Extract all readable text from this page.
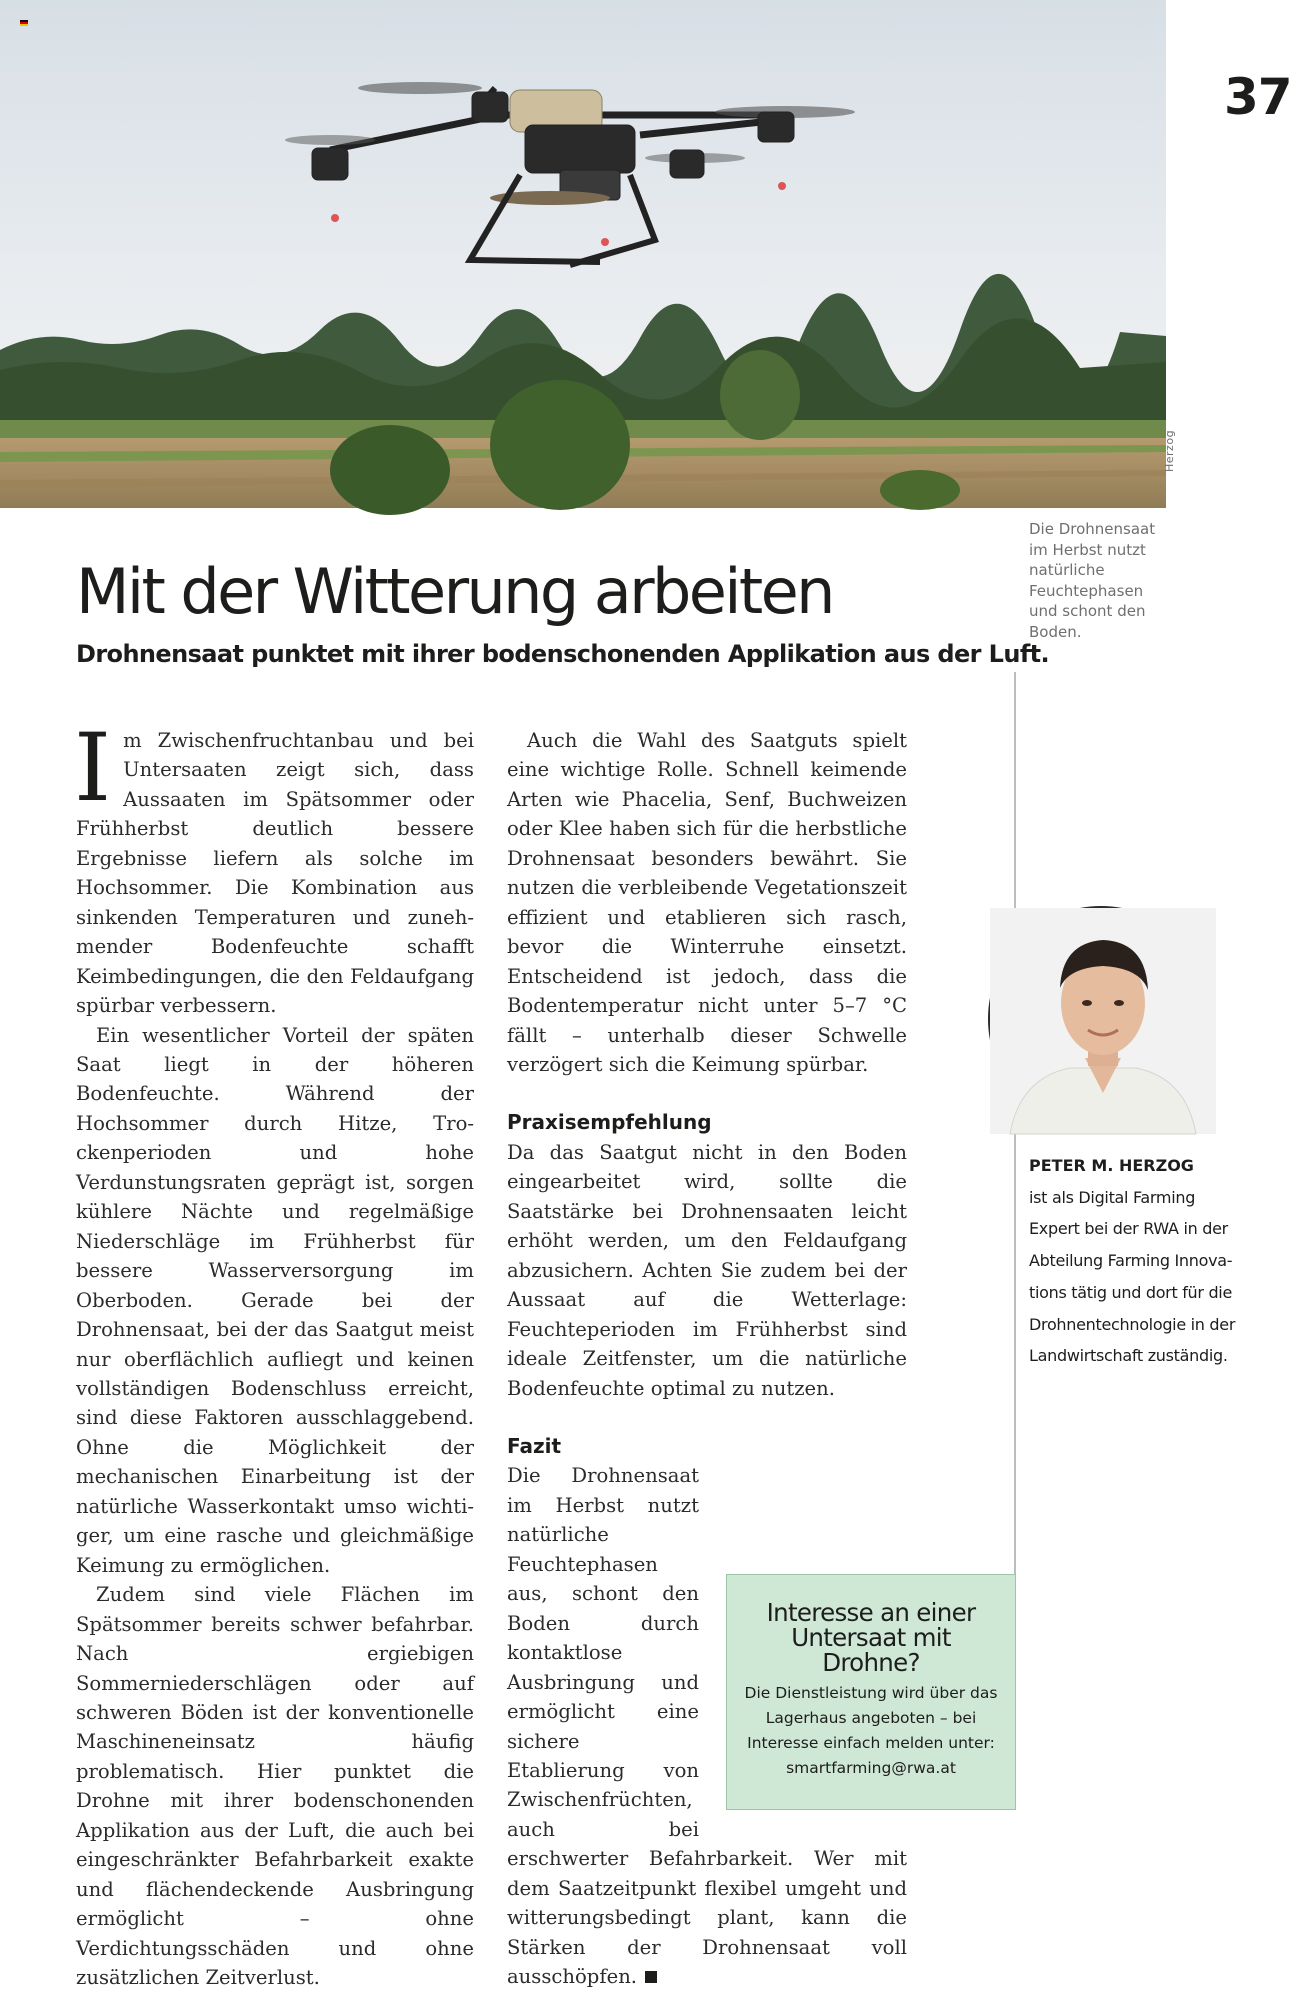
Herzog
37
Die Drohnensaat im Herbst nutzt natürliche Feuchtephasen und schont den Boden.
Mit der Witterung arbeiten
Drohnensaat punktet mit ihrer bodenschonenden Applikation aus der Luft.

Im Zwischenfruchtanbau und bei Untersaaten zeigt sich, dass Aussaaten im Spätsommer oder Frühherbst deutlich bessere Ergebnisse liefern als solche im Hochsommer. Die Kombination aus sinkenden Temperaturen und zunehmender Bodenfeuchte schafft Keimbedingungen, die den Feldaufgang spürbar verbessern.

Ein wesentlicher Vorteil der späten Saat liegt in der höheren Bodenfeuchte. Während der Hochsommer durch Hitze, Trockenperioden und hohe Verdunstungsraten geprägt ist, sorgen kühlere Nächte und regelmäßige Niederschläge im Frühherbst für bessere Wasserversorgung im Oberboden. Gerade bei der Drohnensaat, bei der das Saatgut meist nur oberflächlich aufliegt und keinen vollständigen Bodenschluss erreicht, sind diese Faktoren ausschlaggebend. Ohne die Möglichkeit der mechanischen Einarbeitung ist der natürliche Wasserkontakt umso wichtiger, um eine rasche und gleichmäßige Keimung zu ermöglichen.

Zudem sind viele Flächen im Spätsommer bereits schwer befahrbar. Nach ergiebigen Sommerniederschlägen oder auf schweren Böden ist der konventionelle Maschineneinsatz häufig problematisch. Hier punktet die Drohne mit ihrer bodenschonenden Applikation aus der Luft, die auch bei eingeschränkter Befahrbarkeit exakte und flächendeckende Ausbringung ermöglicht – ohne Verdichtungsschäden und ohne zusätzlichen Zeitverlust.

Auch die Wahl des Saatguts spielt eine wichtige Rolle. Schnell keimende Arten wie Phacelia, Senf, Buchweizen oder Klee haben sich für die herbstliche Drohnensaat besonders bewährt. Sie nutzen die verbleibende Vegetationszeit effizient und etablieren sich rasch, bevor die Winterruhe einsetzt. Entscheidend ist jedoch, dass die Bodentemperatur nicht unter 5–7 °C fällt – unterhalb dieser Schwelle verzögert sich die Keimung spürbar.

Praxisempfehlung

Da das Saatgut nicht in den Boden eingearbeitet wird, sollte die Saatstärke bei Drohnensaaten leicht erhöht werden, um den Feldaufgang abzusichern. Achten Sie zudem bei der Aussaat auf die Wetterlage: Feuchteperioden im Frühherbst sind ideale Zeitfenster, um die natürliche Bodenfeuchte optimal zu nutzen.

Fazit

Die Drohnensaat im Herbst nutzt natürliche Feuchtephasen aus, schont den Boden durch kontaktlose Ausbringung und ermöglicht eine sichere Etablierung von Zwischenfrüchten, auch bei erschwerter Befahrbarkeit. Wer mit dem Saatzeitpunkt flexibel umgeht und witterungsbedingt plant, kann die Stärken der Drohnensaat voll ausschöpfen.

Interesse an einer Untersaat mit Drohne?
Die Dienstleistung wird über das Lagerhaus angeboten – bei Interesse einfach melden unter: smartfarming@rwa.at
PETER M. HERZOG
ist als Digital Farming Expert bei der RWA in der Abteilung Farming Innovations tätig und dort für die Drohnentechnologie in der Landwirtschaft zuständig.
